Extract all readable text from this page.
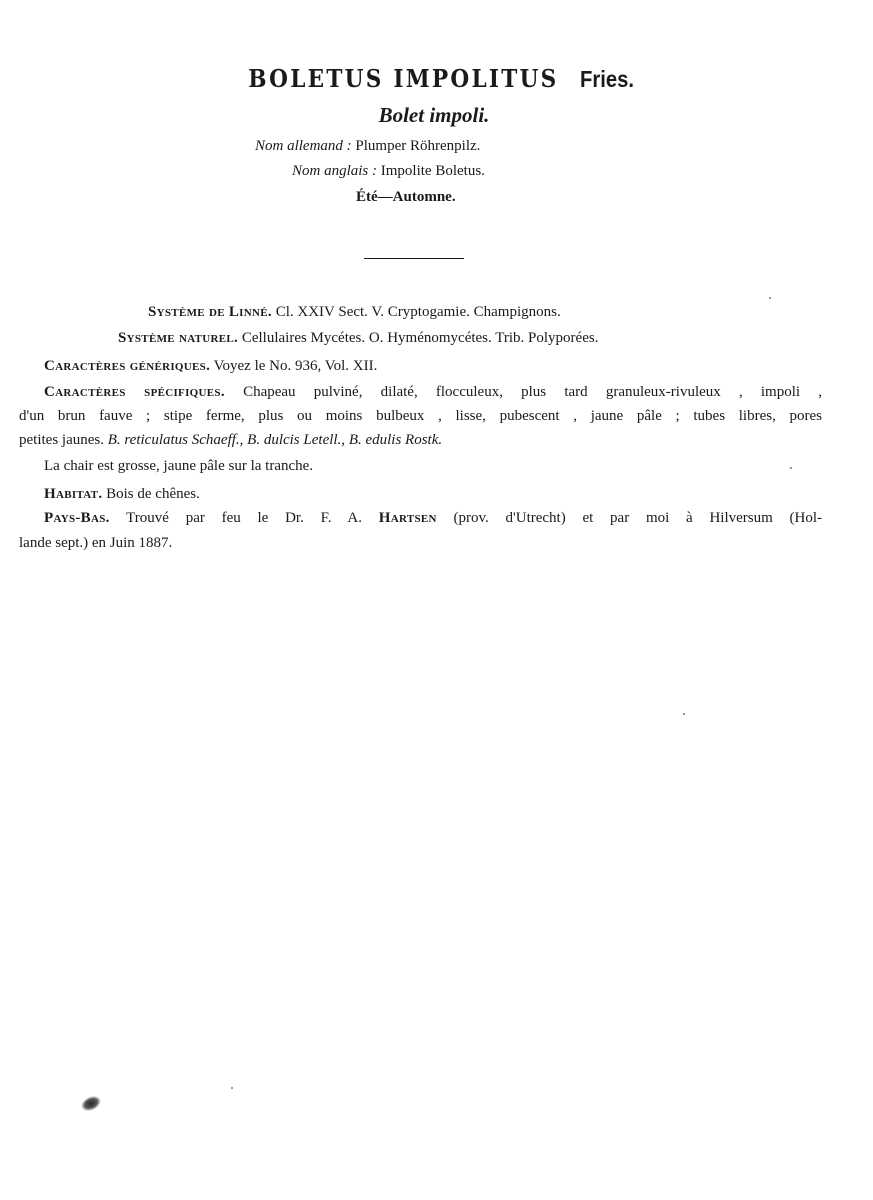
BOLETUS IMPOLITUS Fries.
Bolet impoli.
Nom allemand : Plumper Röhrenpilz.
Nom anglais : Impolite Boletus.
Été—Automne.
Système de Linné. Cl. XXIV Sect. V. Cryptogamie. Champignons.
Système naturel. Cellulaires Mycétes. O. Hyménomycétes. Trib. Polyporées.
Caractères génériques. Voyez le No. 936, Vol. XII.
Caractères spécifiques. Chapeau pulviné, dilaté, flocculeux, plus tard granuleux-rivuleux , impoli ,
d'un brun fauve ; stipe ferme, plus ou moins bulbeux , lisse, pubescent , jaune pâle ; tubes libres, pores
petites jaunes. B. reticulatus Schaeff., B. dulcis Letell., B. edulis Rostk.
La chair est grosse, jaune pâle sur la tranche.
Habitat. Bois de chênes.
Pays-Bas. Trouvé par feu le Dr. F. A. Hartsen (prov. d'Utrecht) et par moi à Hilversum (Hol-
lande sept.) en Juin 1887.
